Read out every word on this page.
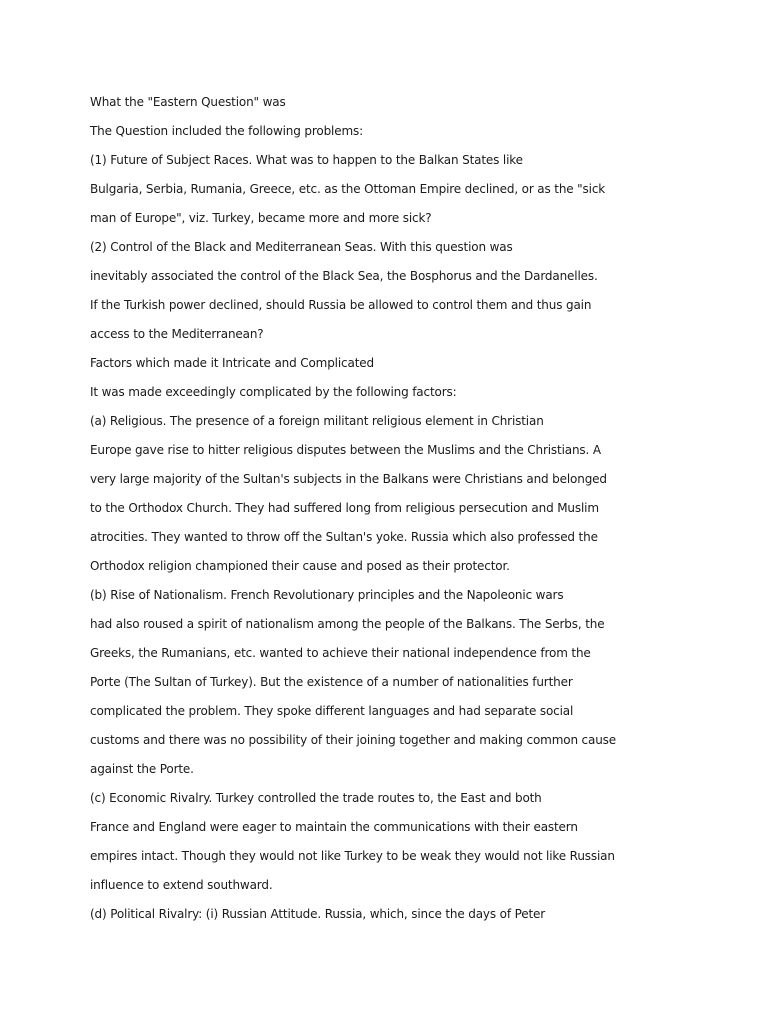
What the "Eastern Question" was
The Question included the following problems:
(1) Future of Subject Races. What was to happen to the Balkan States like
Bulgaria, Serbia, Rumania, Greece, etc. as the Ottoman Empire declined, or as the "sick
man of Europe", viz. Turkey, became more and more sick?
(2) Control of the Black and Mediterranean Seas. With this question was
inevitably associated the control of the Black Sea, the Bosphorus and the Dardanelles.
If the Turkish power declined, should Russia be allowed to control them and thus gain
access to the Mediterranean?
Factors which made it Intricate and Complicated
It was made exceedingly complicated by the following factors:
(a) Religious. The presence of a foreign militant religious element in Christian
Europe gave rise to hitter religious disputes between the Muslims and the Christians. A
very large majority of the Sultan's subjects in the Balkans were Christians and belonged
to the Orthodox Church. They had suffered long from religious persecution and Muslim
atrocities. They wanted to throw off the Sultan's yoke. Russia which also professed the
Orthodox religion championed their cause and posed as their protector.
(b) Rise of Nationalism. French Revolutionary principles and the Napoleonic wars
had also roused a spirit of nationalism among the people of the Balkans. The Serbs, the
Greeks, the Rumanians, etc. wanted to achieve their national independence from the
Porte (The Sultan of Turkey). But the existence of a number of nationalities further
complicated the problem. They spoke different languages and had separate social
customs and there was no possibility of their joining together and making common cause
against the Porte.
(c) Economic Rivalry. Turkey controlled the trade routes to, the East and both
France and England were eager to maintain the communications with their eastern
empires intact. Though they would not like Turkey to be weak they would not like Russian
influence to extend southward.
(d) Political Rivalry: (i) Russian Attitude. Russia, which, since the days of Peter
